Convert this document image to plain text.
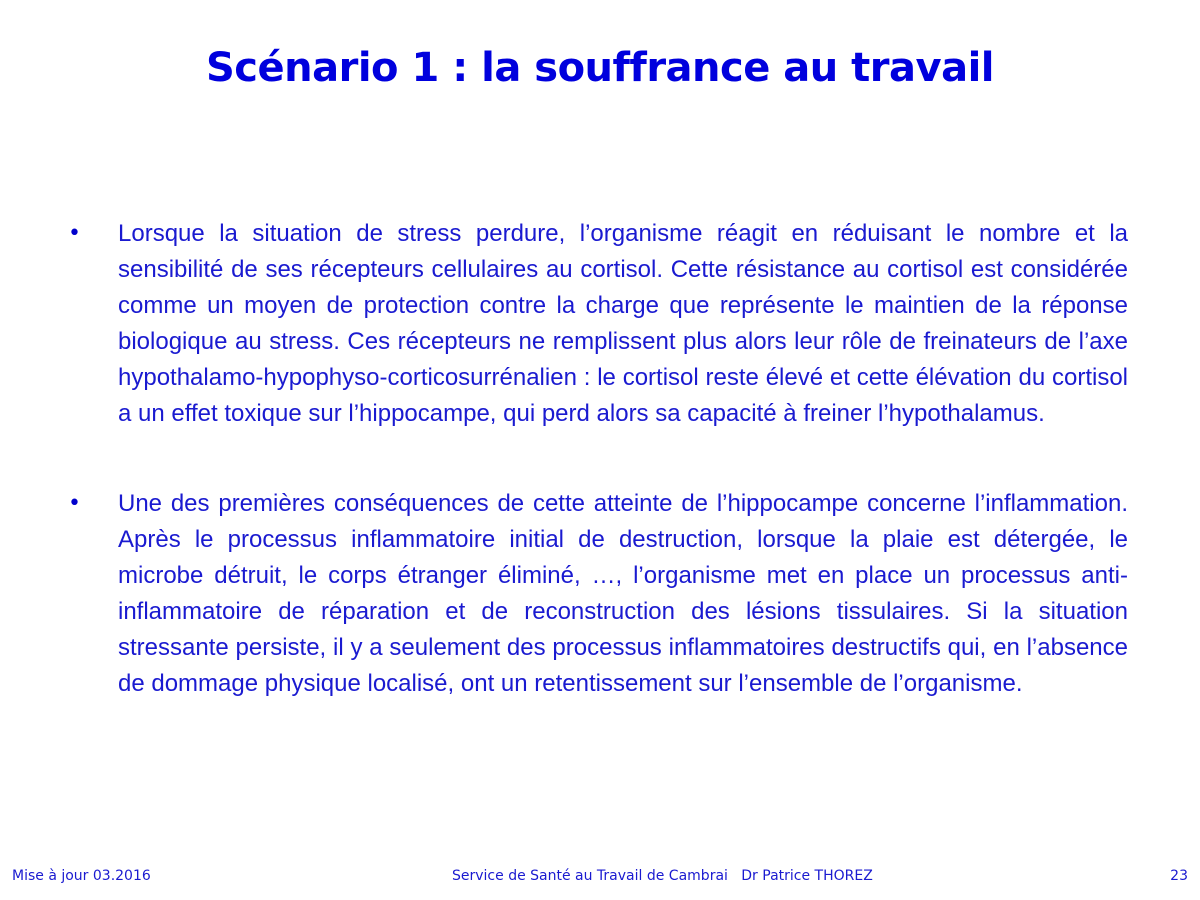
Scénario 1 : la souffrance au travail
• Lorsque la situation de stress perdure, l’organisme réagit en réduisant le nombre et la sensibilité de ses récepteurs cellulaires au cortisol. Cette résistance au cortisol est considérée comme un moyen de protection contre la charge que représente le maintien de la réponse biologique au stress. Ces récepteurs ne remplissent plus alors leur rôle de freinateurs de l’axe hypothalamo-hypophyso-corticosurrénalien : le cortisol reste élevé et cette élévation du cortisol a un effet toxique sur l’hippocampe, qui perd alors sa capacité à freiner l’hypothalamus.
• Une des premières conséquences de cette atteinte de l’hippocampe concerne l’inflammation. Après le processus inflammatoire initial de destruction, lorsque la plaie est détergée, le microbe détruit, le corps étranger éliminé, …, l’organisme met en place un processus anti-inflammatoire de réparation et de reconstruction des lésions tissulaires. Si la situation stressante persiste, il y a seulement des processus inflammatoires destructifs qui, en l’absence de dommage physique localisé, ont un retentissement sur l’ensemble de l’organisme.
Mise à jour 03.2016	Service de Santé au Travail de Cambrai   Dr Patrice THOREZ	23
